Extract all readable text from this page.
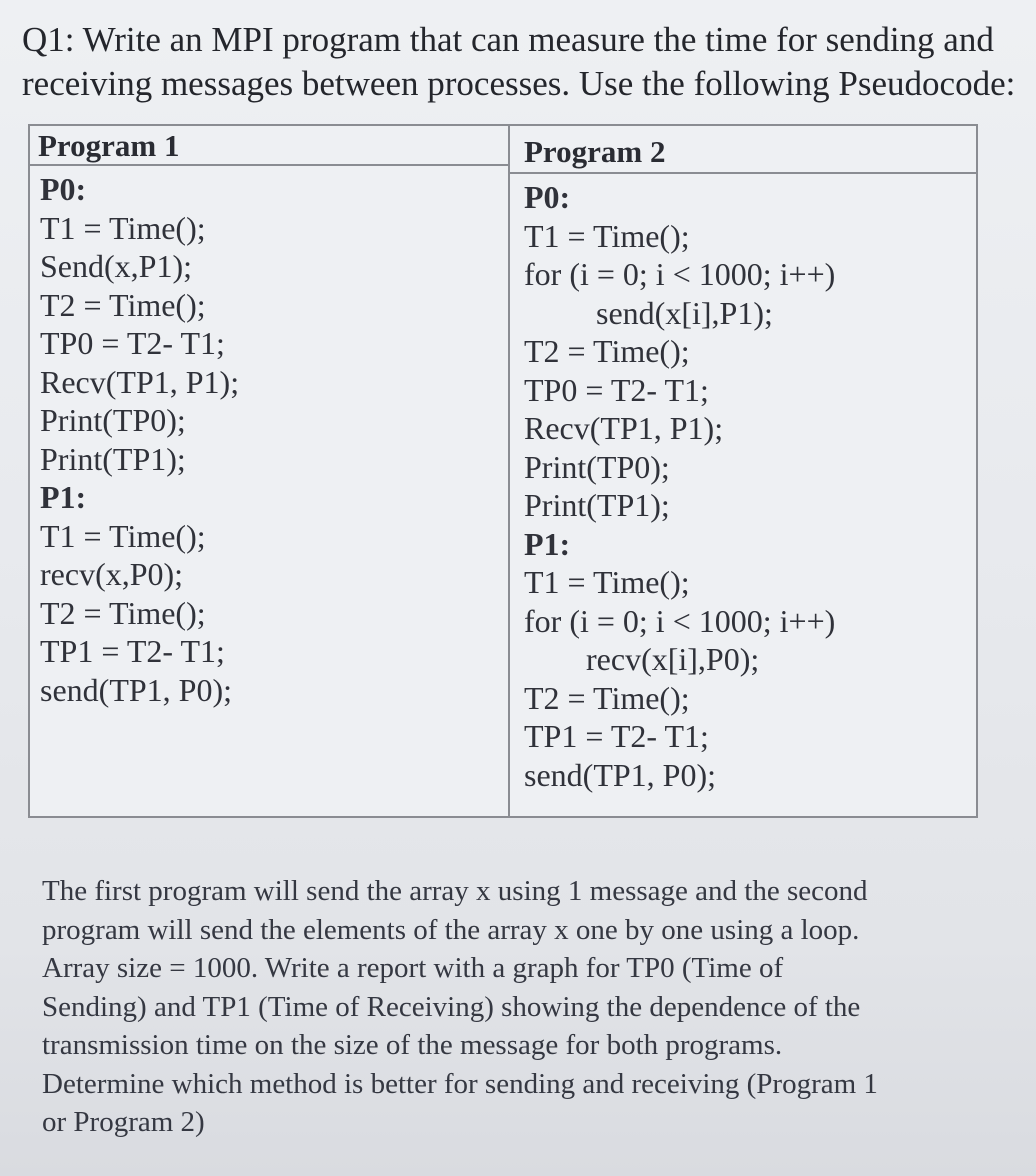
Q1: Write an MPI program that can measure the time for sending and
receiving messages between processes. Use the following Pseudocode:
Program 1
P0:
T1 = Time();
Send(x,P1);
T2 = Time();
TP0 = T2- T1;
Recv(TP1, P1);
Print(TP0);
Print(TP1);
P1:
T1 = Time();
recv(x,P0);
T2 = Time();
TP1 = T2- T1;
send(TP1, P0);
Program 2
P0:
T1 = Time();
for (i = 0; i < 1000; i++)
send(x[i],P1);
T2 = Time();
TP0 = T2- T1;
Recv(TP1, P1);
Print(TP0);
Print(TP1);
P1:
T1 = Time();
for (i = 0; i < 1000; i++)
recv(x[i],P0);
T2 = Time();
TP1 = T2- T1;
send(TP1, P0);
The first program will send the array x using 1 message and the second
program will send the elements of the array x one by one using a loop.
Array size = 1000. Write a report with a graph for TP0 (Time of
Sending) and TP1 (Time of Receiving) showing the dependence of the
transmission time on the size of the message for both programs.
Determine which method is better for sending and receiving (Program 1
or Program 2)
